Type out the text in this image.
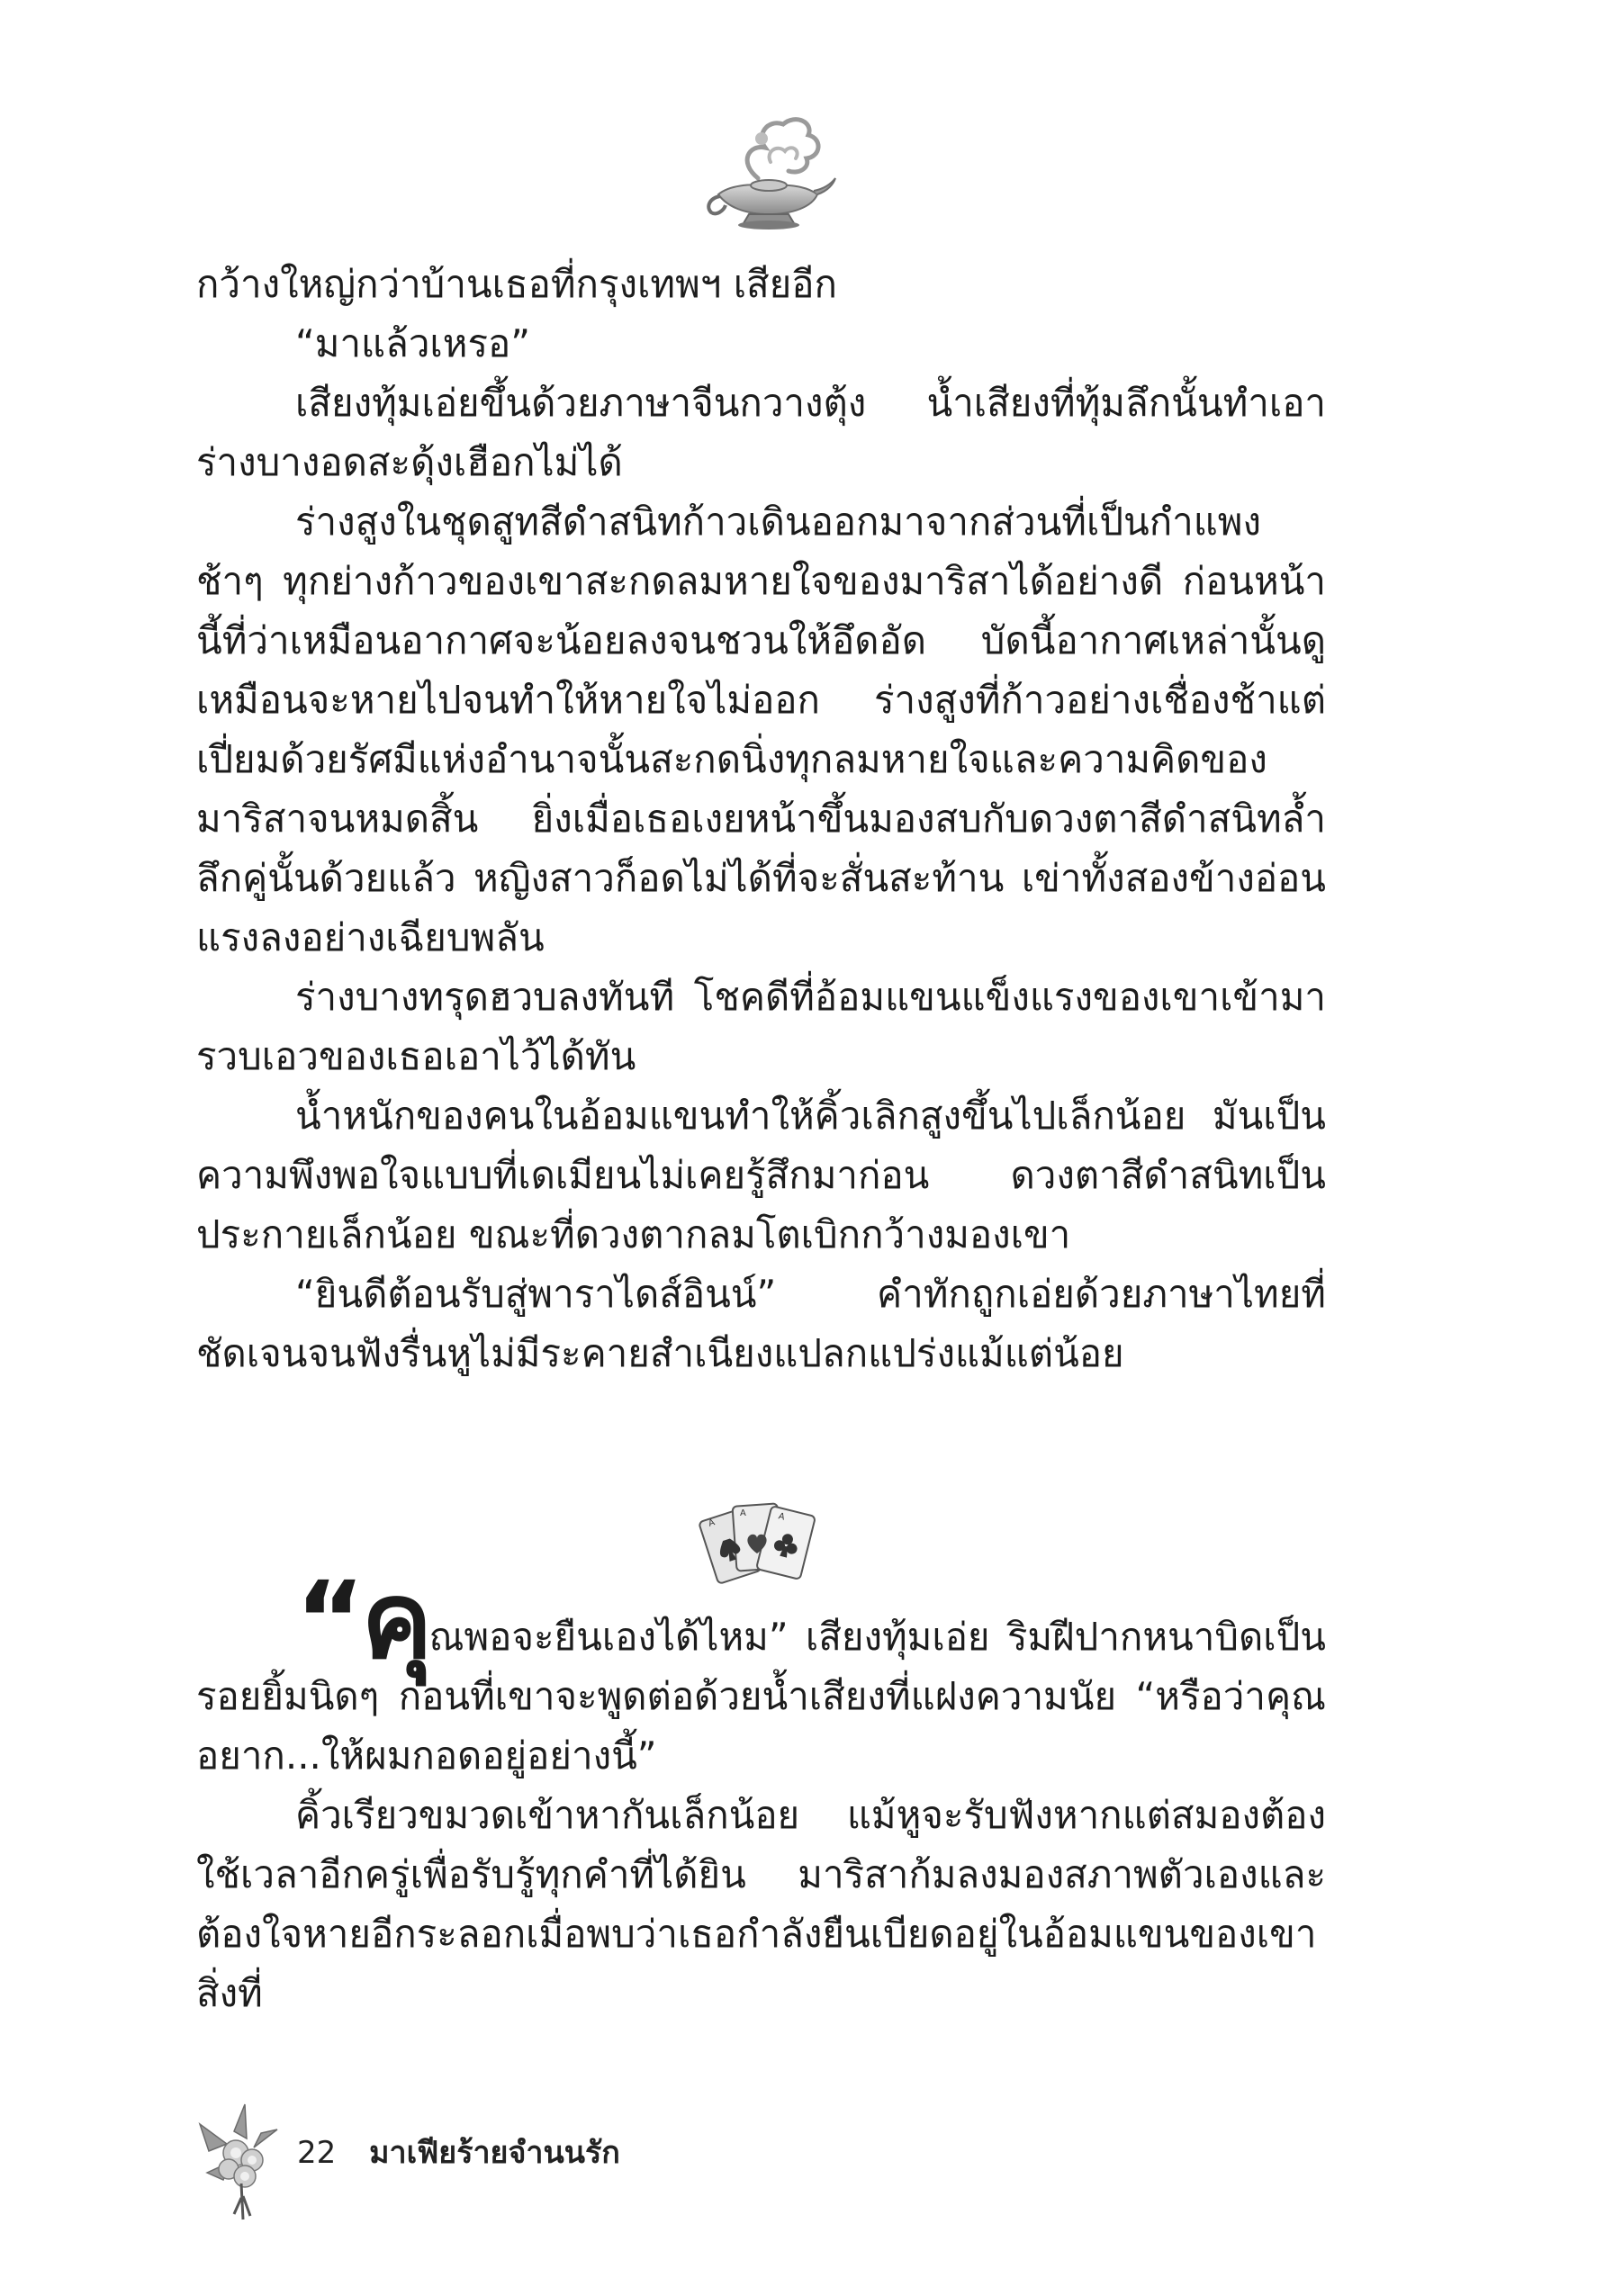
กว้างใหญ่กว่าบ้านเธอที่กรุงเทพฯ เสียอีก

“มาแล้วเหรอ”

เสียงทุ้มเอ่ยขึ้นด้วยภาษาจีนกวางตุ้ง น้ำเสียงที่ทุ้มลึกนั้นทำเอาร่างบางอดสะดุ้งเฮือกไม่ได้

ร่างสูงในชุดสูทสีดำสนิทก้าวเดินออกมาจากส่วนที่เป็นกำแพงช้าๆ ทุกย่างก้าวของเขาสะกดลมหายใจของมาริสาได้อย่างดี ก่อนหน้านี้ที่ว่าเหมือนอากาศจะน้อยลงจนชวนให้อึดอัด บัดนี้อากาศเหล่านั้นดูเหมือนจะหายไปจนทำให้หายใจไม่ออก ร่างสูงที่ก้าวอย่างเชื่องช้าแต่เปี่ยมด้วยรัศมีแห่งอำนาจนั้นสะกดนิ่งทุกลมหายใจและความคิดของมาริสาจนหมดสิ้น ยิ่งเมื่อเธอเงยหน้าขึ้นมองสบกับดวงตาสีดำสนิทล้ำลึกคู่นั้นด้วยแล้ว หญิงสาวก็อดไม่ได้ที่จะสั่นสะท้าน เข่าทั้งสองข้างอ่อนแรงลงอย่างเฉียบพลัน

ร่างบางทรุดฮวบลงทันที โชคดีที่อ้อมแขนแข็งแรงของเขาเข้ามารวบเอวของเธอเอาไว้ได้ทัน

น้ำหนักของคนในอ้อมแขนทำให้คิ้วเลิกสูงขึ้นไปเล็กน้อย มันเป็นความพึงพอใจแบบที่เดเมียนไม่เคยรู้สึกมาก่อน ดวงตาสีดำสนิทเป็นประกายเล็กน้อย ขณะที่ดวงตากลมโตเบิกกว้างมองเขา

“ยินดีต้อนรับสู่พาราไดส์อินน์” คำทักถูกเอ่ยด้วยภาษาไทยที่ชัดเจนจนฟังรื่นหูไม่มีระคายสำเนียงแปลกแปร่งแม้แต่น้อย

A
A	A

“คุณพอจะยืนเองได้ไหม” เสียงทุ้มเอ่ย ริมฝีปากหนาบิดเป็นรอยยิ้มนิดๆ ก่อนที่เขาจะพูดต่อด้วยน้ำเสียงที่แฝงความนัย “หรือว่าคุณอยาก...ให้ผมกอดอยู่อย่างนี้”

คิ้วเรียวขมวดเข้าหากันเล็กน้อย แม้หูจะรับฟังหากแต่สมองต้องใช้เวลาอีกครู่เพื่อรับรู้ทุกคำที่ได้ยิน มาริสาก้มลงมองสภาพตัวเองและต้องใจหายอีกระลอกเมื่อพบว่าเธอกำลังยืนเบียดอยู่ในอ้อมแขนของเขา สิ่งที่

22 มาเฟียร้ายจำนนรัก
